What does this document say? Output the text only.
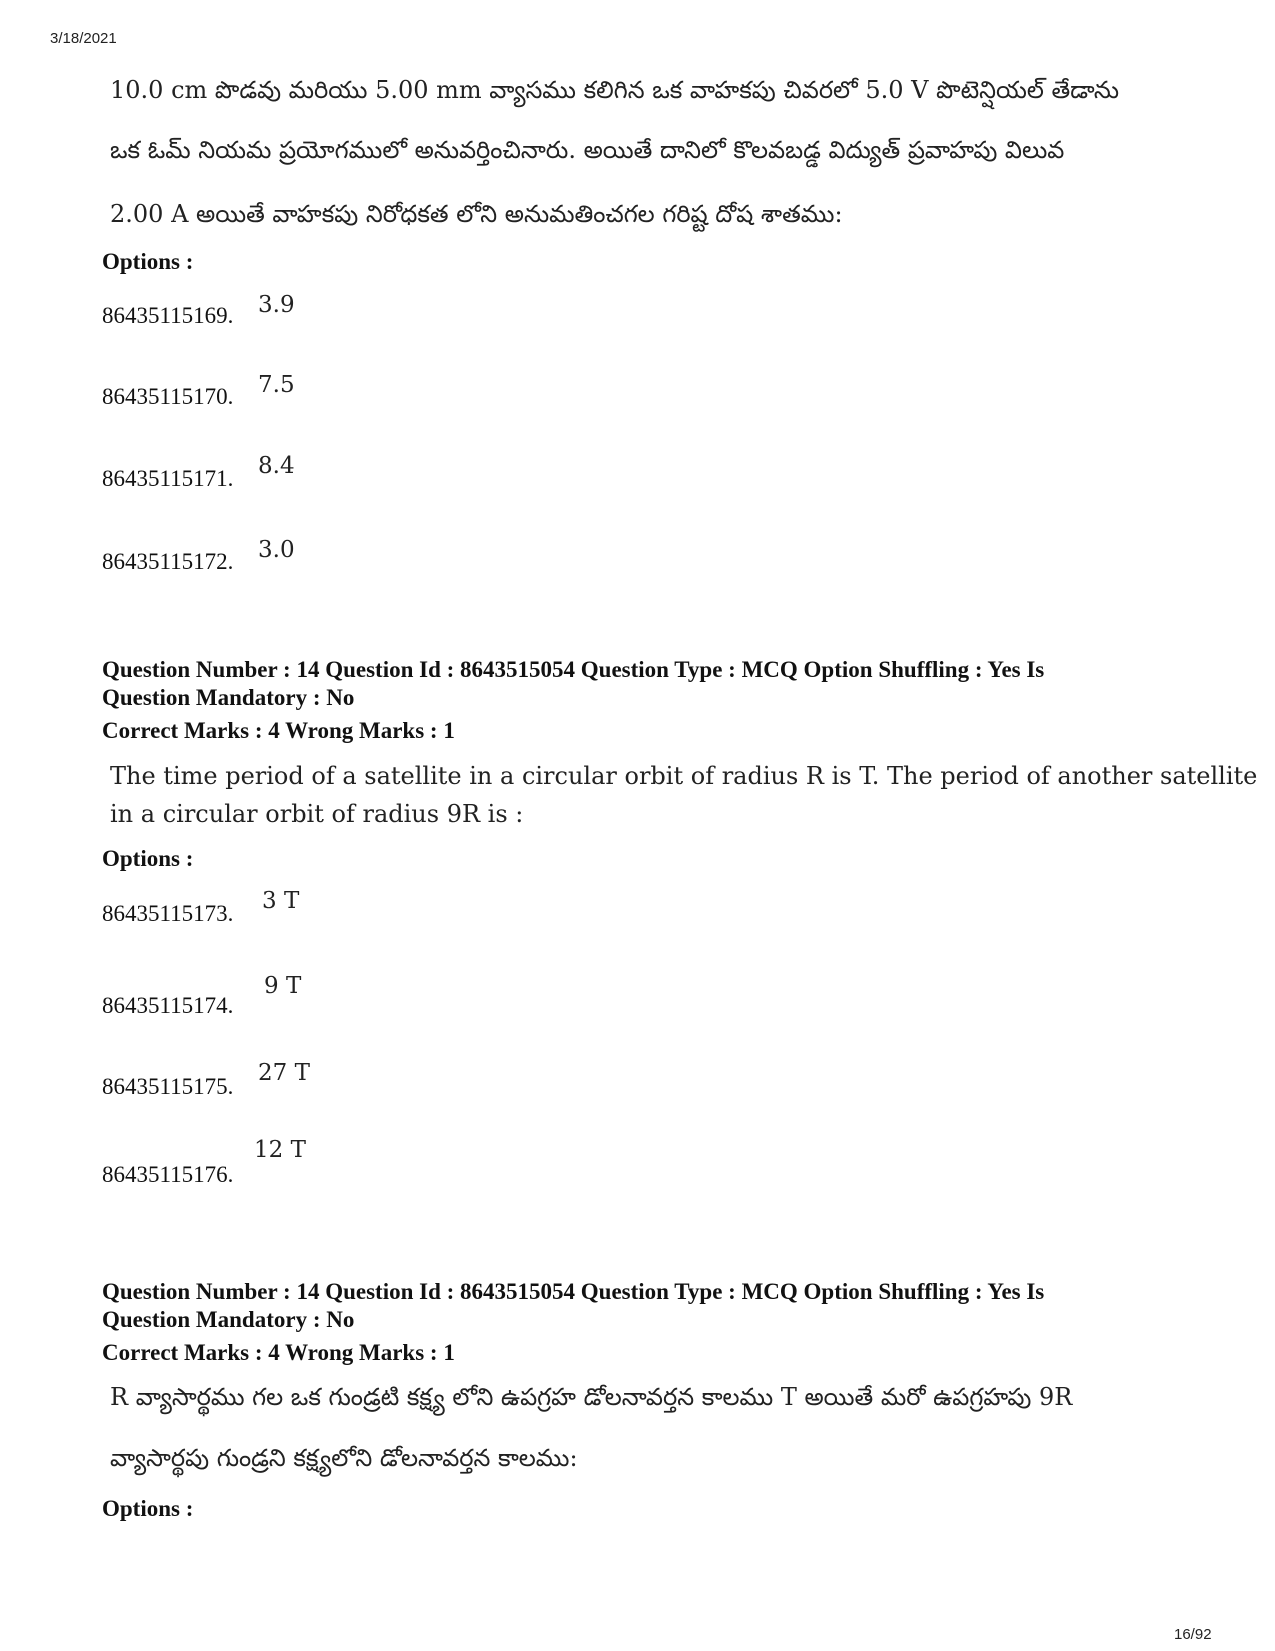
3/18/2021
10.0 cm పొడవు మరియు 5.00 mm వ్యాసము కలిగిన ఒక వాహకపు చివరలో 5.0 V పొటెన్షియల్ తేడాను
ఒక ఓమ్ నియమ ప్రయోగములో అనువర్తించినారు. అయితే దానిలో కొలవబడ్డ విద్యుత్ ప్రవాహపు విలువ
2.00 A అయితే వాహకపు నిరోధకత లోని అనుమతించగల గరిష్ట దోష శాతము:
Options :
86435115169. 3.9
86435115170. 7.5
86435115171. 8.4
86435115172. 3.0
Question Number : 14 Question Id : 8643515054 Question Type : MCQ Option Shuffling : Yes Is
Question Mandatory : No
Correct Marks : 4 Wrong Marks : 1
The time period of a satellite in a circular orbit of radius R is T. The period of another satellite
in a circular orbit of radius 9R is :
Options :
86435115173. 3 T
86435115174.
9 T
86435115175.
27 T
86435115176.
12 T
Question Number : 14 Question Id : 8643515054 Question Type : MCQ Option Shuffling : Yes Is
Question Mandatory : No
Correct Marks : 4 Wrong Marks : 1
R వ్యాసార్థము గల ఒక గుండ్రటి కక్ష్య లోని ఉపగ్రహ డోలనావర్తన కాలము T అయితే మరో ఉపగ్రహపు 9R
వ్యాసార్థపు గుండ్రని కక్ష్యలోని డోలనావర్తన కాలము:
Options :
16/92
